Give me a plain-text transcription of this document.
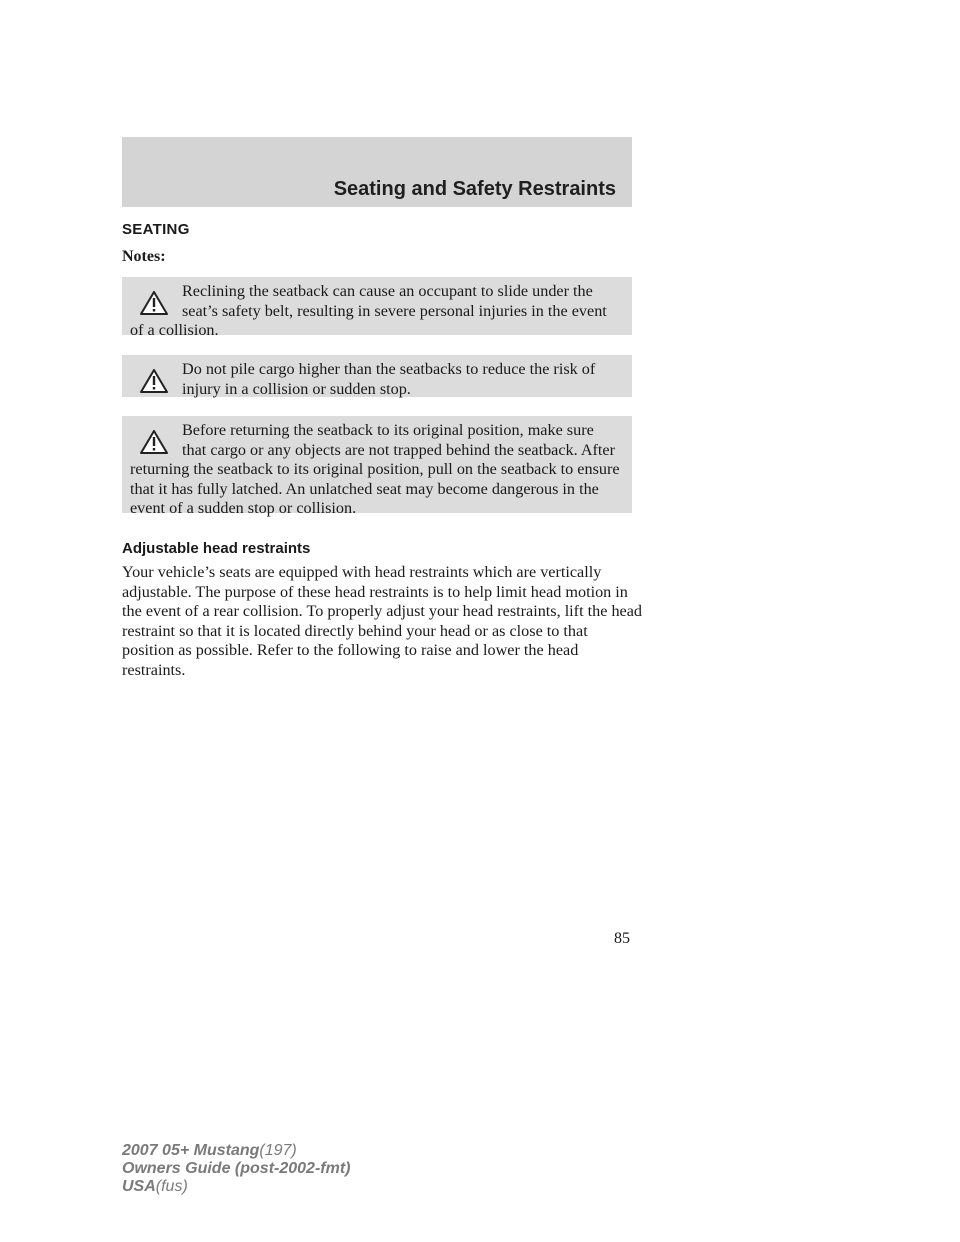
Seating and Safety Restraints
SEATING
Notes:
Reclining the seatback can cause an occupant to slide under the seat’s safety belt, resulting in severe personal injuries in the event of a collision.
Do not pile cargo higher than the seatbacks to reduce the risk of injury in a collision or sudden stop.
Before returning the seatback to its original position, make sure that cargo or any objects are not trapped behind the seatback. After returning the seatback to its original position, pull on the seatback to ensure that it has fully latched. An unlatched seat may become dangerous in the event of a sudden stop or collision.
Adjustable head restraints
Your vehicle’s seats are equipped with head restraints which are vertically adjustable. The purpose of these head restraints is to help limit head motion in the event of a rear collision. To properly adjust your head restraints, lift the head restraint so that it is located directly behind your head or as close to that position as possible. Refer to the following to raise and lower the head restraints.
85
2007 05+ Mustang(197)
Owners Guide (post-2002-fmt)
USA(fus)
